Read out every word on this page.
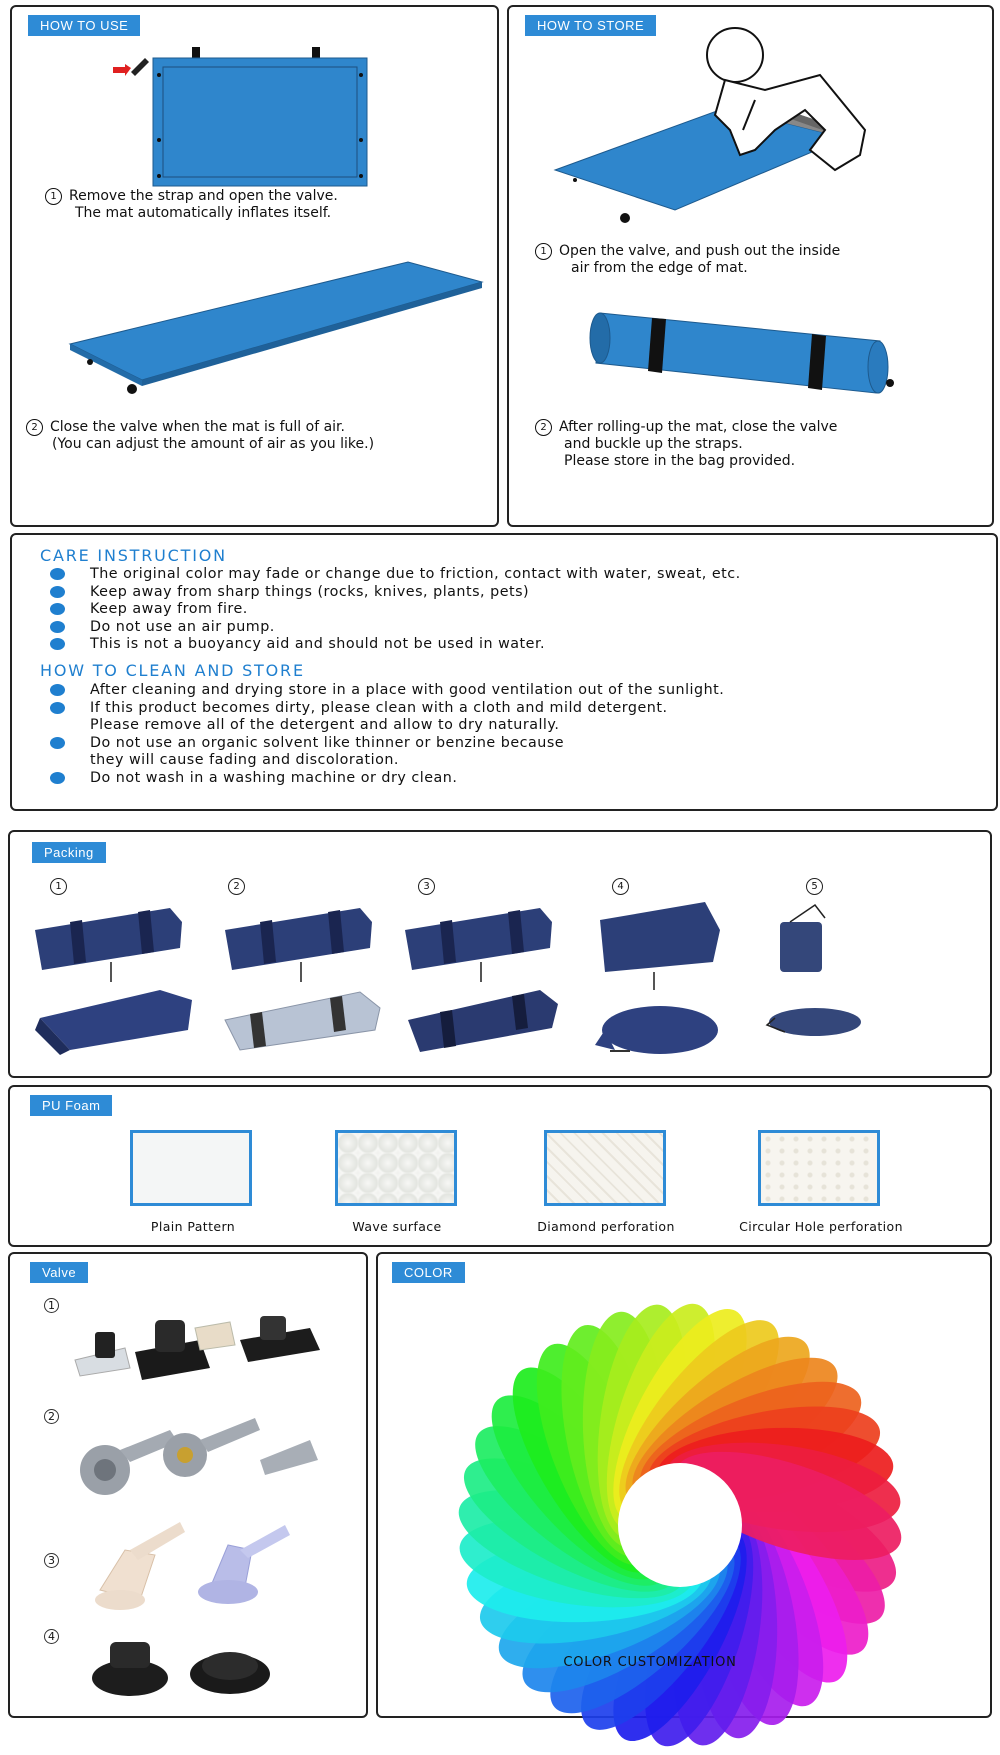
HOW TO USE
1 Remove the strap and open the valve.
The mat automatically inflates itself.
2 Close the valve when the mat is full of air.
(You can adjust the amount of air as you like.)
HOW TO STORE
1 Open the valve, and push out the inside
air from the edge of mat.
2 After rolling-up the mat, close the valve
and buckle up the straps.
Please store in the bag provided.
CARE INSTRUCTION
The original color may fade or change due to friction, contact with water, sweat, etc.
Keep away from sharp things (rocks, knives, plants, pets)
Keep away from fire.
Do not use an air pump.
This is not a buoyancy aid and should not be used in water.
HOW TO CLEAN AND STORE
After cleaning and drying store in a place with good ventilation out of the sunlight.
If this product becomes dirty, please clean with a cloth and mild detergent.
Please remove all of the detergent and allow to dry naturally.
Do not use an organic solvent like thinner or benzine because
they will cause fading and discoloration.
Do not wash in a washing machine or dry clean.
Packing
1	2	3	4	5
PU Foam
Plain Pattern	Wave surface	Diamond perforation	Circular Hole perforation
Valve
1
2
3
4
COLOR
COLOR CUSTOMIZATION
